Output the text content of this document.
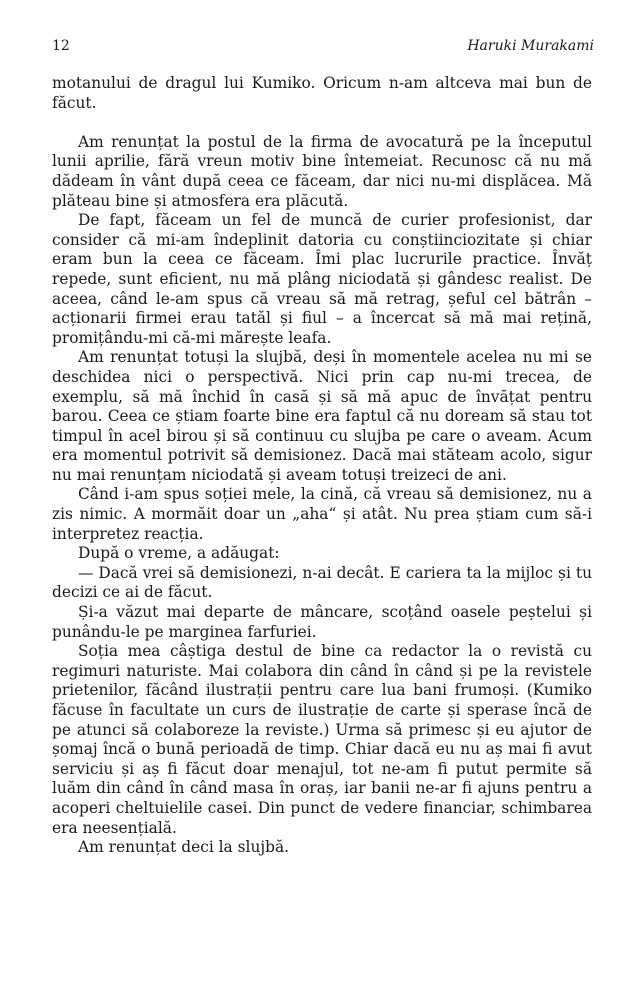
12	Haruki Murakami

motanului de dragul lui Kumiko. Oricum n-am altceva mai bun de făcut.

Am renunțat la postul de la firma de avocatură pe la începutul lunii aprilie, fără vreun motiv bine întemeiat. Recunosc că nu mă dădeam în vânt după ceea ce făceam, dar nici nu-mi displăcea. Mă plăteau bine și atmosfera era plăcută.

De fapt, făceam un fel de muncă de curier profesionist, dar consider că mi-am îndeplinit datoria cu conștiinciozitate și chiar eram bun la ceea ce făceam. Îmi plac lucrurile practice. Învăț repede, sunt eficient, nu mă plâng niciodată și gândesc realist. De aceea, când le-am spus că vreau să mă retrag, șeful cel bătrân – acționarii firmei erau tatăl și fiul – a încercat să mă mai rețină, promițându-mi că-mi mărește leafa.

Am renunțat totuși la slujbă, deși în momentele acelea nu mi se deschidea nici o perspectivă. Nici prin cap nu-mi trecea, de exemplu, să mă închid în casă și să mă apuc de învățat pentru barou. Ceea ce știam foarte bine era faptul că nu doream să stau tot timpul în acel birou și să continuu cu slujba pe care o aveam. Acum era momentul potrivit să demisionez. Dacă mai stăteam acolo, sigur nu mai renunțam niciodată și aveam totuși treizeci de ani.

Când i-am spus soției mele, la cină, că vreau să demisionez, nu a zis nimic. A mormăit doar un „aha“ și atât. Nu prea știam cum să-i interpretez reacția.

După o vreme, a adăugat:

— Dacă vrei să demisionezi, n-ai decât. E cariera ta la mijloc și tu decizi ce ai de făcut.

Și-a văzut mai departe de mâncare, scoțând oasele peștelui și punându-le pe marginea farfuriei.

Soția mea câștiga destul de bine ca redactor la o revistă cu regimuri naturiste. Mai colabora din când în când și pe la revistele prietenilor, făcând ilustrații pentru care lua bani frumoși. (Kumiko făcuse în facultate un curs de ilustrație de carte și sperase încă de pe atunci să colaboreze la reviste.) Urma să primesc și eu ajutor de șomaj încă o bună perioadă de timp. Chiar dacă eu nu aș mai fi avut serviciu și aș fi făcut doar menajul, tot ne-am fi putut permite să luăm din când în când masa în oraș, iar banii ne-ar fi ajuns pentru a acoperi cheltuielile casei. Din punct de vedere financiar, schimbarea era neesențială.

Am renunțat deci la slujbă.
